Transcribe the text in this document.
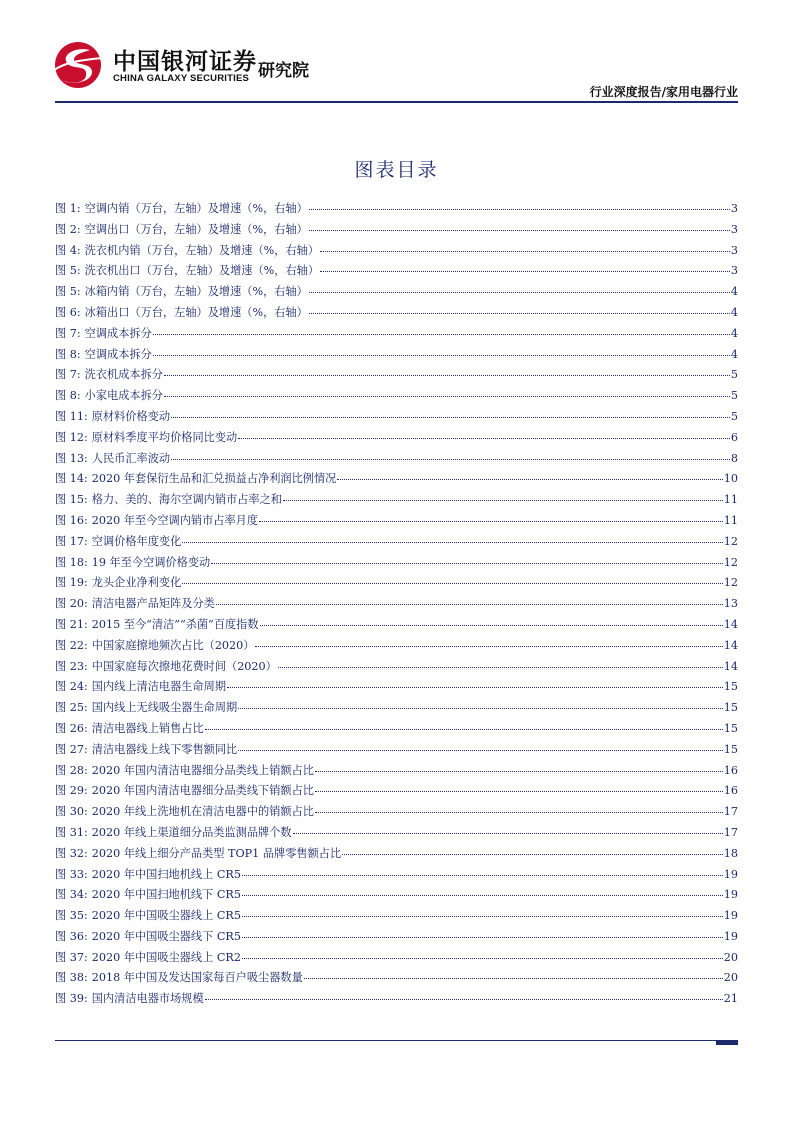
中国银河证券
CHINA GALAXY SECURITIES 研究院
行业深度报告/家用电器行业
图表目录
图 1: 空调内销（万台，左轴）及增速（%，右轴）	3
图 2: 空调出口（万台，左轴）及增速（%，右轴）	3
图 4: 洗衣机内销（万台，左轴）及增速（%，右轴）	3
图 5: 洗衣机出口（万台，左轴）及增速（%，右轴）	3
图 5: 冰箱内销（万台，左轴）及增速（%，右轴）	4
图 6: 冰箱出口（万台，左轴）及增速（%，右轴）	4
图 7: 空调成本拆分	4
图 8: 空调成本拆分	4
图 7: 洗衣机成本拆分	5
图 8: 小家电成本拆分	5
图 11: 原材料价格变动	5
图 12: 原材料季度平均价格同比变动	6
图 13: 人民币汇率波动	8
图 14: 2020 年套保衍生品和汇兑损益占净利润比例情况	10
图 15: 格力、美的、海尔空调内销市占率之和	11
图 16: 2020 年至今空调内销市占率月度	11
图 17: 空调价格年度变化	12
图 18: 19 年至今空调价格变动	12
图 19: 龙头企业净利变化	12
图 20: 清洁电器产品矩阵及分类	13
图 21: 2015 至今“清洁”“杀菌”百度指数	14
图 22: 中国家庭擦地频次占比（2020）	14
图 23: 中国家庭每次擦地花费时间（2020）	14
图 24: 国内线上清洁电器生命周期	15
图 25: 国内线上无线吸尘器生命周期	15
图 26: 清洁电器线上销售占比	15
图 27: 清洁电器线上线下零售额同比	15
图 28: 2020 年国内清洁电器细分品类线上销额占比	16
图 29: 2020 年国内清洁电器细分品类线下销额占比	16
图 30: 2020 年线上洗地机在清洁电器中的销额占比	17
图 31: 2020 年线上渠道细分品类监测品牌个数	17
图 32: 2020 年线上细分产品类型 TOP1 品牌零售额占比	18
图 33: 2020 年中国扫地机线上 CR5	19
图 34: 2020 年中国扫地机线下 CR5	19
图 35: 2020 年中国吸尘器线上 CR5	19
图 36: 2020 年中国吸尘器线下 CR5	19
图 37: 2020 年中国吸尘器线上 CR2	20
图 38: 2018 年中国及发达国家每百户吸尘器数量	20
图 39: 国内清洁电器市场规模	21
